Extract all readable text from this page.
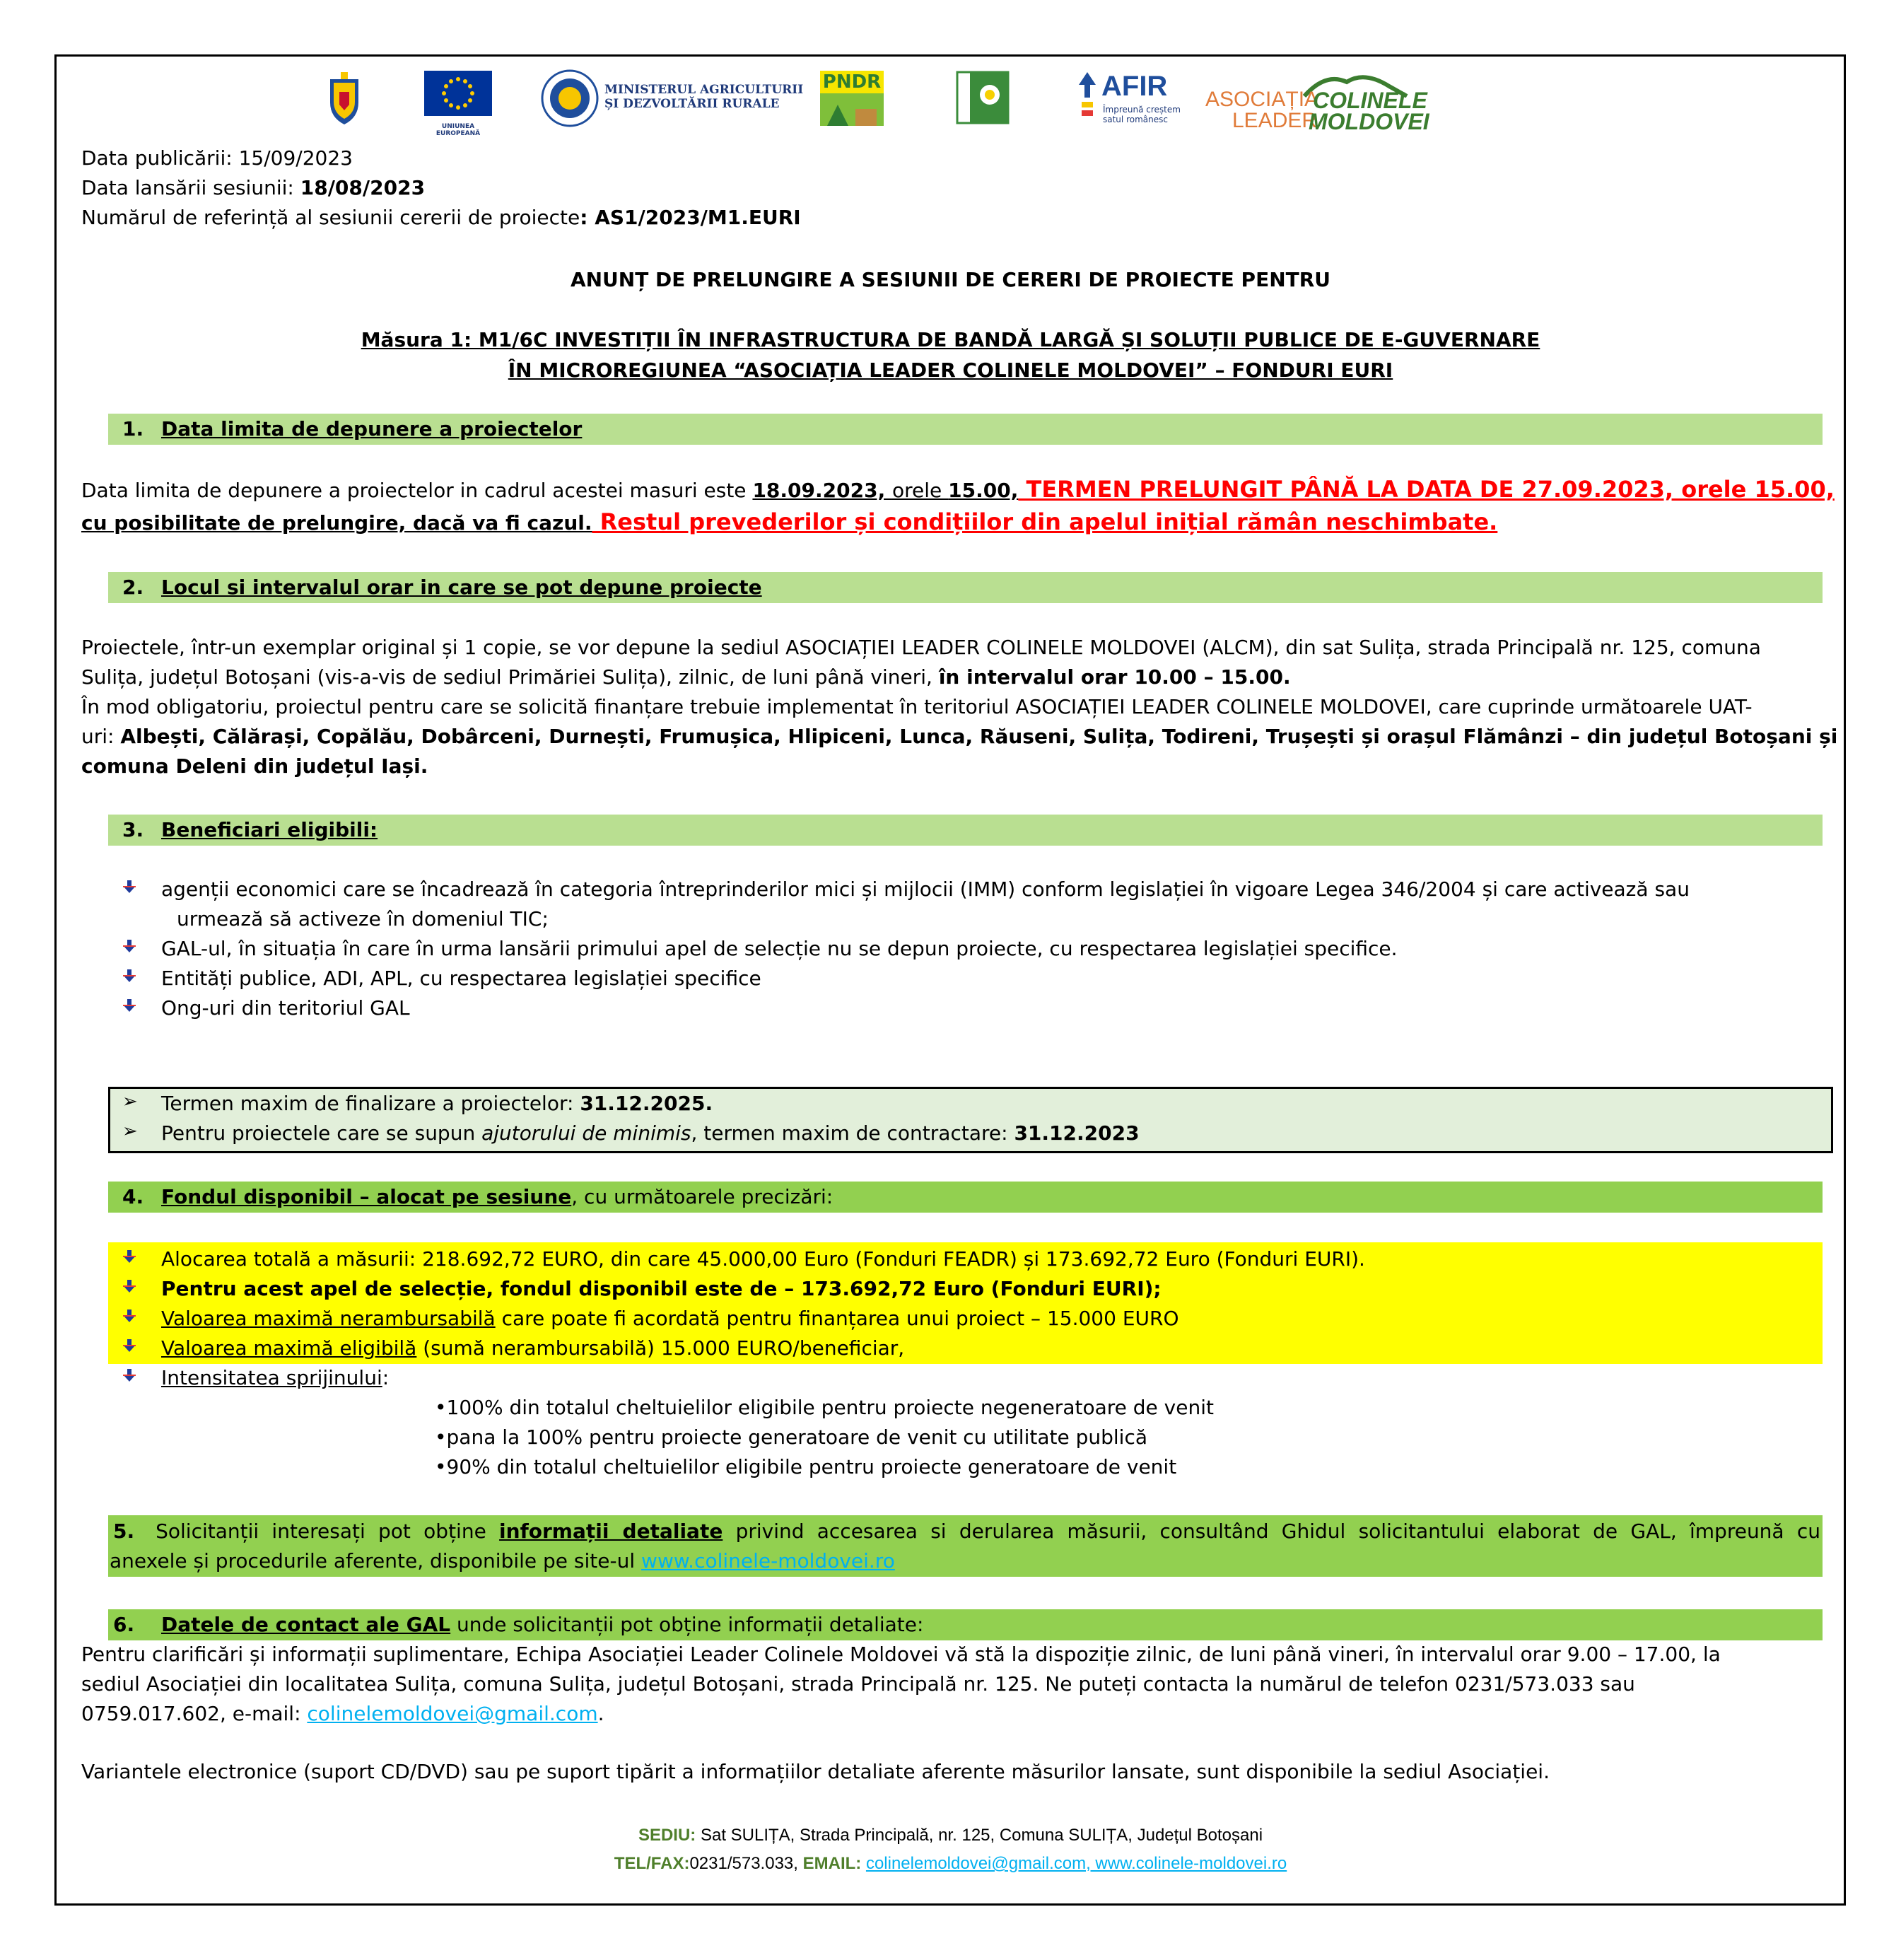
UNIUNEA EUROPEANĂ
MINISTERUL AGRICULTURII
ȘI DEZVOLTĂRII RURALE
PNDR	AFIR
Împreună creștem
satul românesc
ASOCIAȚIA
LEADER
COLINELE
MOLDOVEI
Data publicării: 15/09/2023
Data lansării sesiunii: 18/08/2023
Numărul de referință al sesiunii cererii de proiecte: AS1/2023/M1.EURI
ANUNȚ DE PRELUNGIRE A SESIUNII DE CERERI DE PROIECTE PENTRU
Măsura 1: M1/6C INVESTIȚII ÎN INFRASTRUCTURA DE BANDĂ LARGĂ ȘI SOLUȚII PUBLICE DE E-GUVERNARE
ÎN MICROREGIUNEA “ASOCIAȚIA LEADER COLINELE MOLDOVEI” – FONDURI EURI
1. Data limita de depunere a proiectelor
Data limita de depunere a proiectelor in cadrul acestei masuri este 18.09.2023, orele 15.00, TERMEN PRELUNGIT PÂNĂ LA DATA DE 27.09.2023, orele 15.00,
cu posibilitate de prelungire, dacă va fi cazul. Restul prevederilor și condițiilor din apelul inițial rămân neschimbate.
2. Locul si intervalul orar in care se pot depune proiecte
Proiectele, într-un exemplar original și 1 copie, se vor depune la sediul ASOCIAȚIEI LEADER COLINELE MOLDOVEI (ALCM), din sat Sulița, strada Principală nr. 125, comuna
Sulița, județul Botoșani (vis-a-vis de sediul Primăriei Sulița), zilnic, de luni până vineri, în intervalul orar 10.00 – 15.00.
În mod obligatoriu, proiectul pentru care se solicită finanțare trebuie implementat în teritoriul ASOCIAȚIEI LEADER COLINELE MOLDOVEI, care cuprinde următoarele UAT-
uri: Albești, Călărași, Copălău, Dobârceni, Durnești, Frumușica, Hlipiceni, Lunca, Răuseni, Sulița, Todireni, Trușești și orașul Flămânzi – din județul Botoșani și
comuna Deleni din județul Iași.
3. Beneficiari eligibili:
agenții economici care se încadrează în categoria întreprinderilor mici și mijlocii (IMM) conform legislației în vigoare Legea 346/2004 și care activează sau
urmează să activeze în domeniul TIC;
GAL-ul, în situația în care în urma lansării primului apel de selecție nu se depun proiecte, cu respectarea legislației specifice.
Entități publice, ADI, APL, cu respectarea legislației specifice
Ong-uri din teritoriul GAL
➢ Termen maxim de finalizare a proiectelor: 31.12.2025.
➢ Pentru proiectele care se supun ajutorului de minimis, termen maxim de contractare: 31.12.2023
4. Fondul disponibil – alocat pe sesiune, cu următoarele precizări:
Alocarea totală a măsurii: 218.692,72 EURO, din care 45.000,00 Euro (Fonduri FEADR) și 173.692,72 Euro (Fonduri EURI).
Pentru acest apel de selecție, fondul disponibil este de – 173.692,72 Euro (Fonduri EURI);
Valoarea maximă nerambursabilă care poate fi acordată pentru finanțarea unui proiect – 15.000 EURO
Valoarea maximă eligibilă (sumă nerambursabilă) 15.000 EURO/beneficiar,
Intensitatea sprijinului:
•100% din totalul cheltuielilor eligibile pentru proiecte negeneratoare de venit
•pana la 100% pentru proiecte generatoare de venit cu utilitate publică
•90% din totalul cheltuielilor eligibile pentru proiecte generatoare de venit
5. Solicitanții interesați pot obține informații detaliate privind accesarea si derularea măsurii, consultând Ghidul solicitantului elaborat de GAL, împreună cu
anexele și procedurile aferente, disponibile pe site-ul www.colinele-moldovei.ro
6. Datele de contact ale GAL unde solicitanții pot obține informații detaliate:
Pentru clarificări și informații suplimentare, Echipa Asociației Leader Colinele Moldovei vă stă la dispoziție zilnic, de luni până vineri, în intervalul orar 9.00 – 17.00, la
sediul Asociației din localitatea Sulița, comuna Sulița, județul Botoșani, strada Principală nr. 125. Ne puteți contacta la numărul de telefon 0231/573.033 sau
0759.017.602, e-mail: colinelemoldovei@gmail.com.
Variantele electronice (suport CD/DVD) sau pe suport tipărit a informațiilor detaliate aferente măsurilor lansate, sunt disponibile la sediul Asociației.
SEDIU: Sat SULIȚA, Strada Principală, nr. 125, Comuna SULIȚA, Județul Botoșani
TEL/FAX:0231/573.033, EMAIL: colinelemoldovei@gmail.com, www.colinele-moldovei.ro
